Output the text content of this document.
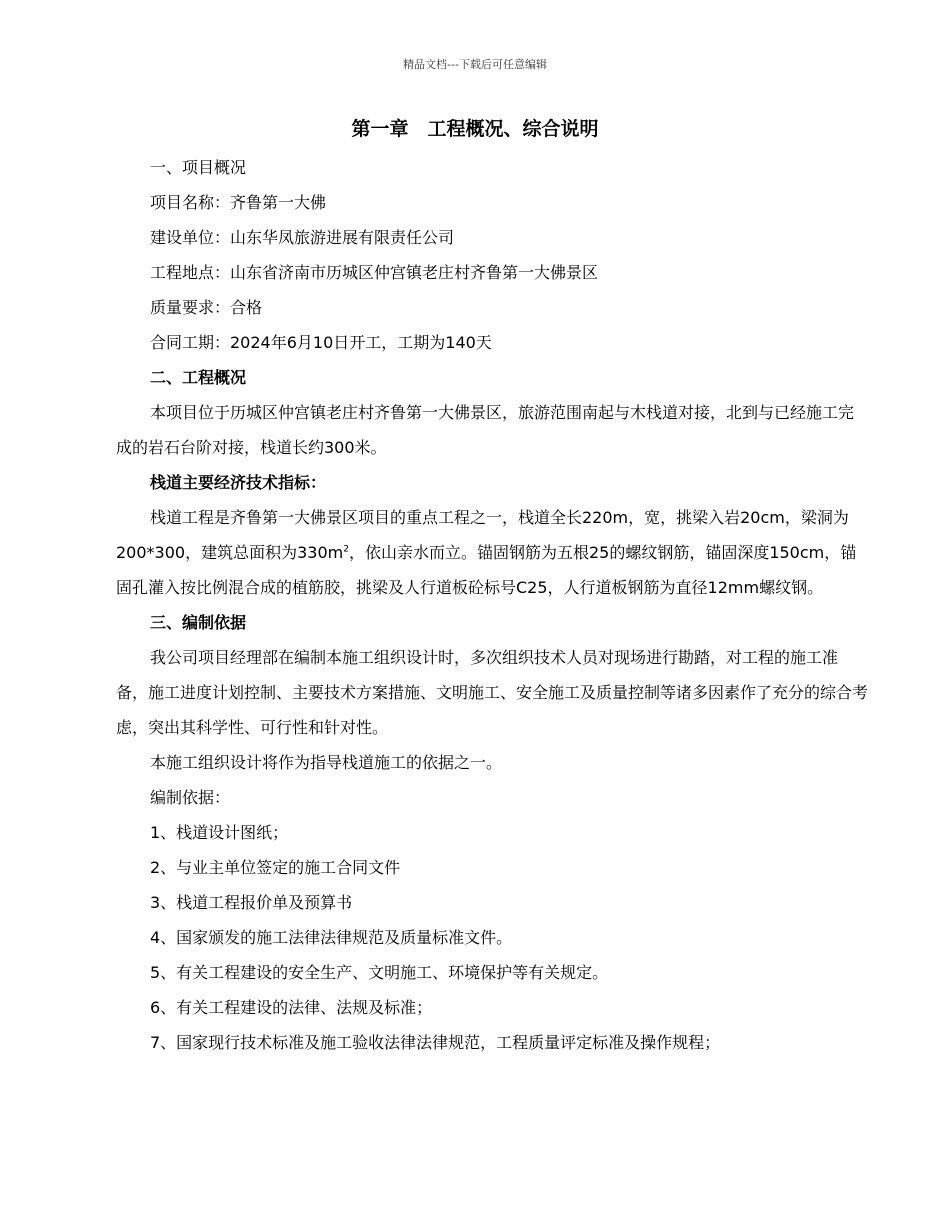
精品文档---下载后可任意编辑
第一章　工程概况、综合说明

一、项目概况

项目名称：齐鲁第一大佛

建设单位：山东华凤旅游进展有限责任公司

工程地点：山东省济南市历城区仲宫镇老庄村齐鲁第一大佛景区

质量要求：合格

合同工期：2024年6月10日开工，工期为140天

二、工程概况

本项目位于历城区仲宫镇老庄村齐鲁第一大佛景区，旅游范围南起与木栈道对接，北到与已经施工完成的岩石台阶对接，栈道长约300米。

栈道主要经济技术指标：

栈道工程是齐鲁第一大佛景区项目的重点工程之一，栈道全长220m，宽，挑梁入岩20cm，梁洞为200*300，建筑总面积为$330m^2$，依山亲水而立。锚固钢筋为五根25的螺纹钢筋，锚固深度150cm，锚固孔灌入按比例混合成的植筋胶，挑梁及人行道板砼标号C25，人行道板钢筋为直径12mm螺纹钢。

三、编制依据

我公司项目经理部在编制本施工组织设计时，多次组织技术人员对现场进行勘踏，对工程的施工准备，施工进度计划控制、主要技术方案措施、文明施工、安全施工及质量控制等诸多因素作了充分的综合考虑，突出其科学性、可行性和针对性。

本施工组织设计将作为指导栈道施工的依据之一。

编制依据：

1、栈道设计图纸；

2、与业主单位签定的施工合同文件

3、栈道工程报价单及预算书

4、国家颁发的施工法律法律规范及质量标准文件。

5、有关工程建设的安全生产、文明施工、环境保护等有关规定。

6、有关工程建设的法律、法规及标准；

7、国家现行技术标准及施工验收法律法律规范，工程质量评定标准及操作规程；
